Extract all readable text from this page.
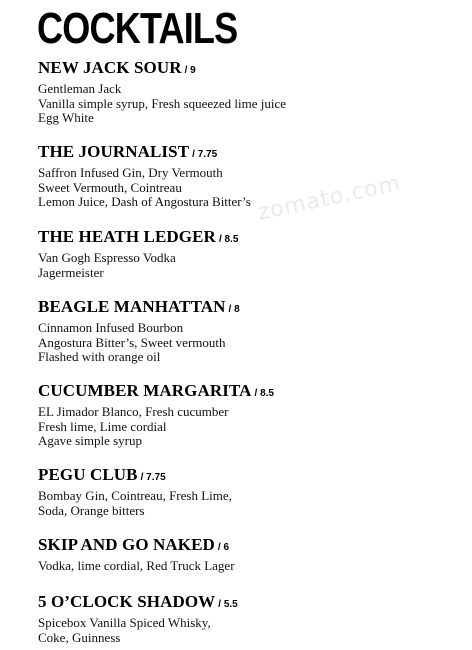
COCKTAILS
zomato.com

NEW JACK SOUR / 9

Gentleman Jack
Vanilla simple syrup, Fresh squeezed lime juice
Egg White

THE JOURNALIST / 7.75

Saffron Infused Gin, Dry Vermouth
Sweet Vermouth, Cointreau
Lemon Juice, Dash of Angostura Bitter’s

THE HEATH LEDGER / 8.5

Van Gogh Espresso Vodka
Jagermeister

BEAGLE MANHATTAN / 8

Cinnamon Infused Bourbon
Angostura Bitter’s, Sweet vermouth
Flashed with orange oil

CUCUMBER MARGARITA / 8.5

EL Jimador Blanco, Fresh cucumber
Fresh lime, Lime cordial
Agave simple syrup

PEGU CLUB / 7.75

Bombay Gin, Cointreau, Fresh Lime,
Soda, Orange bitters

SKIP AND GO NAKED / 6

Vodka, lime cordial, Red Truck Lager

5 O’CLOCK SHADOW / 5.5

Spicebox Vanilla Spiced Whisky,
Coke, Guinness
